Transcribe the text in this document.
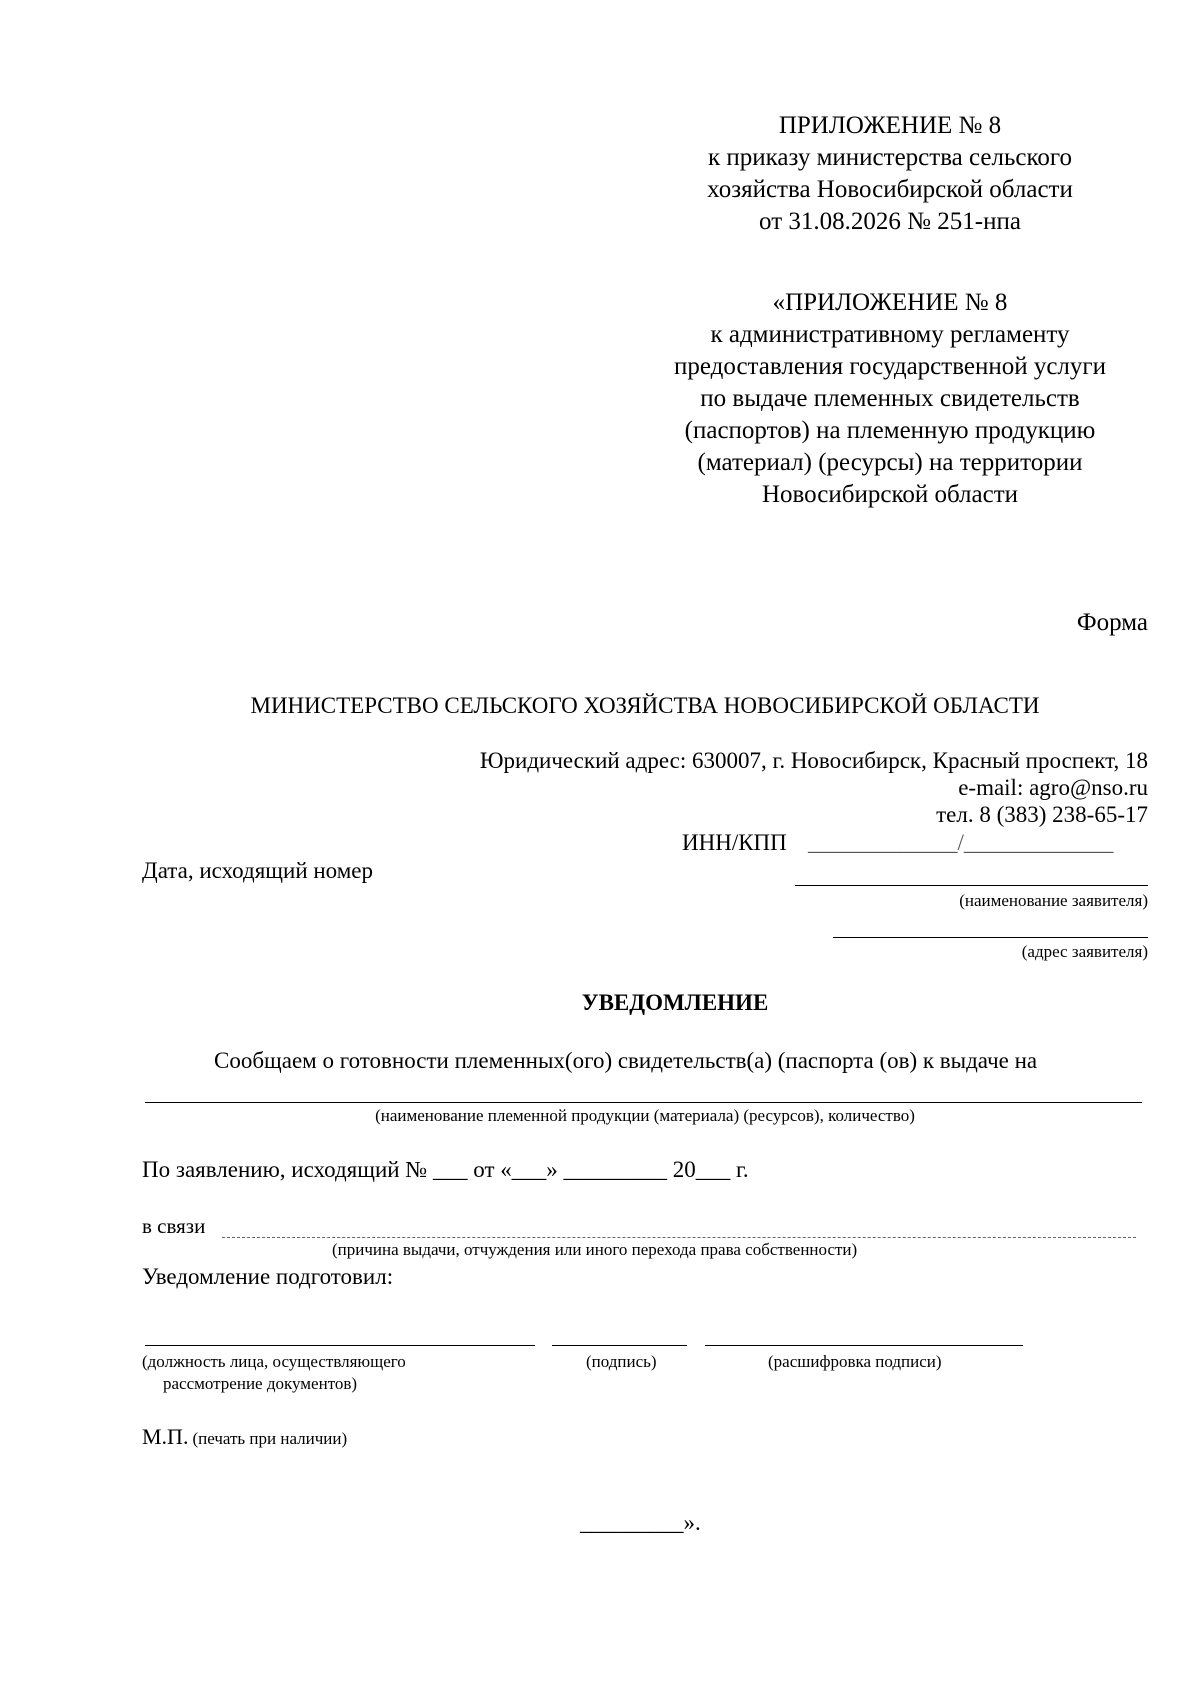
ПРИЛОЖЕНИЕ № 8
к приказу министерства сельского
хозяйства Новосибирской области
от 31.08.2026 № 251-нпа
«ПРИЛОЖЕНИЕ № 8
к административному регламенту
предоставления государственной услуги
по выдаче племенных свидетельств
(паспортов) на племенную продукцию
(материал) (ресурсы) на территории
Новосибирской области
Форма
МИНИСТЕРСТВО СЕЛЬСКОГО ХОЗЯЙСТВА НОВОСИБИРСКОЙ ОБЛАСТИ
Юридический адрес: 630007, г. Новосибирск, Красный проспект, 18
e-mail: agro@nso.ru
тел. 8 (383) 238-65-17
ИНН/КПП _____________/_____________
Дата, исходящий номер
(наименование заявителя)
(адрес заявителя)
УВЕДОМЛЕНИЕ
Сообщаем о готовности племенных(ого) свидетельств(а) (паспорта (ов) к выдаче на
(наименование племенной продукции (материала) (ресурсов), количество)
По заявлению, исходящий № ___ от «___» _________ 20___ г.
в связи
(причина выдачи, отчуждения или иного перехода права собственности)
Уведомление подготовил:
(должность лица, осуществляющего
рассмотрение документов)
(подпись)	(расшифровка подписи)
М.П. (печать при наличии)
_________».
